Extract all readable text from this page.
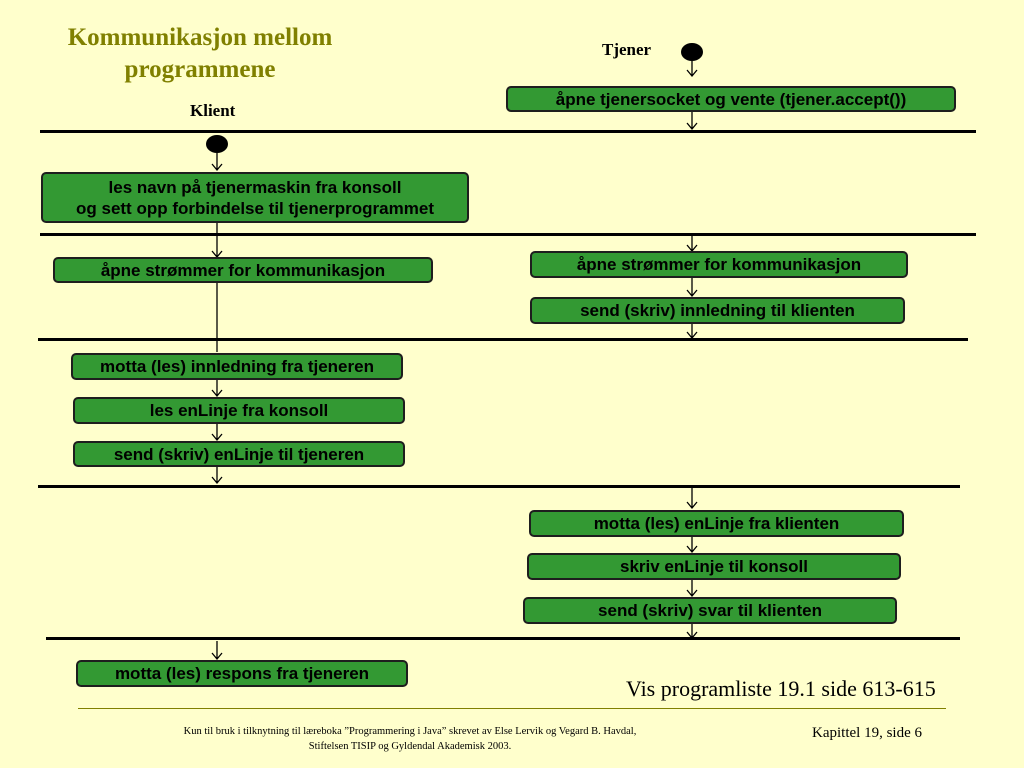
Kommunikasjon mellom
programmene
Tjener
Klient
åpne tjenersocket og vente (tjener.accept())
åpne strømmer for kommunikasjon
send (skriv) innledning til klienten
motta (les) enLinje fra klienten
skriv enLinje til konsoll
send (skriv) svar til klienten
les navn på tjenermaskin fra konsoll
og sett opp forbindelse til tjenerprogrammet
åpne strømmer for kommunikasjon
motta (les) innledning fra tjeneren
les enLinje fra konsoll
send (skriv) enLinje til tjeneren
motta (les) respons fra tjeneren
Vis programliste 19.1 side 613-615
Kun til bruk i tilknytning til læreboka ”Programmering i Java” skrevet av Else Lervik og Vegard B. Havdal,
Stiftelsen TISIP og Gyldendal Akademisk 2003.
Kapittel 19, side 6
